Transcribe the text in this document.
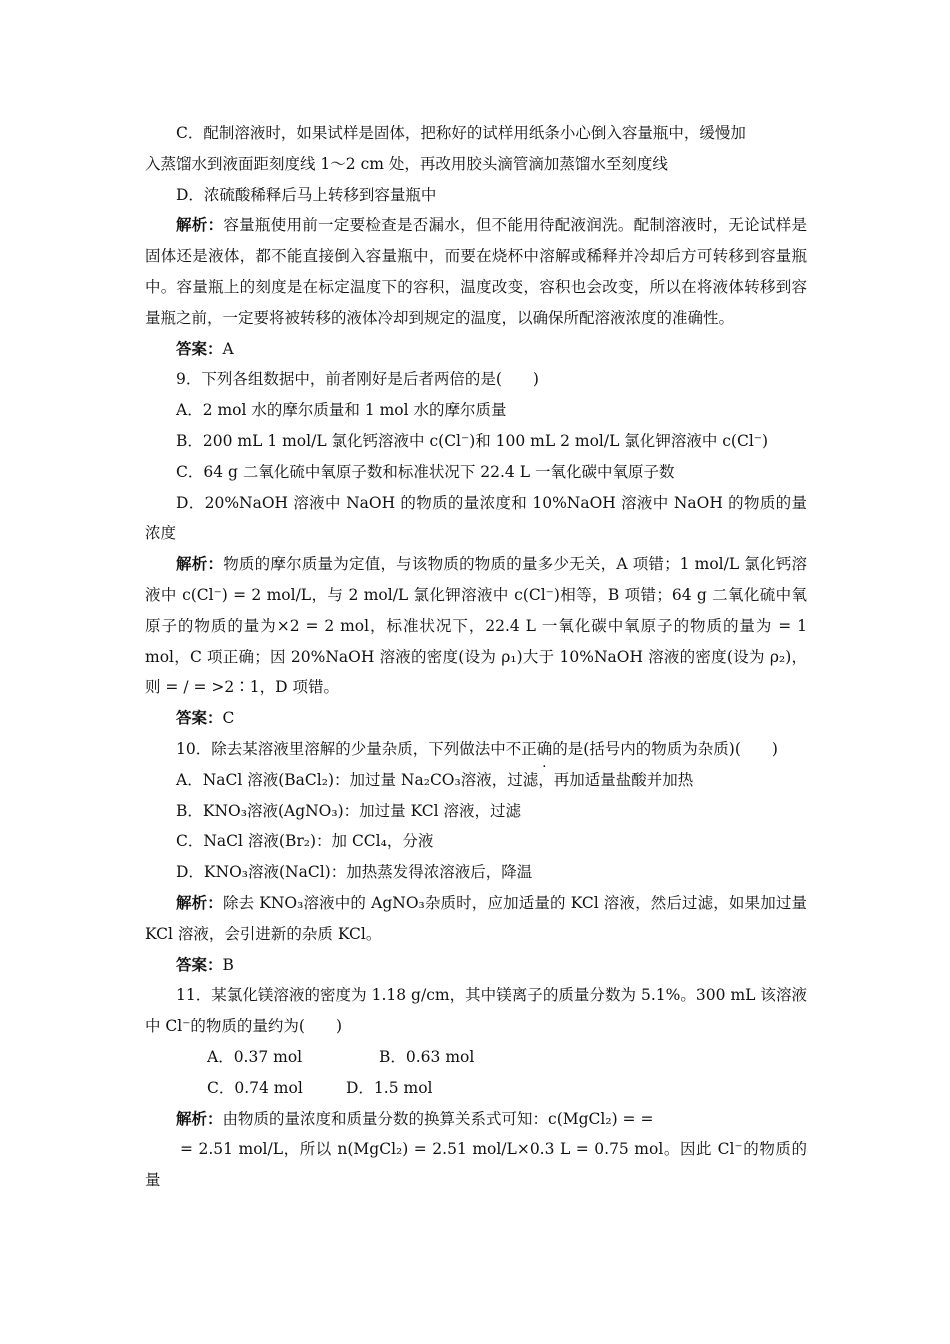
C．配制溶液时，如果试样是固体，把称好的试样用纸条小心倒入容量瓶中，缓慢加

入蒸馏水到液面距刻度线 1～2 cm 处，再改用胶头滴管滴加蒸馏水至刻度线

D．浓硫酸稀释后马上转移到容量瓶中

解析：容量瓶使用前一定要检查是否漏水，但不能用待配液润洗。配制溶液时，无论试样是固体还是液体，都不能直接倒入容量瓶中，而要在烧杯中溶解或稀释并冷却后方可转移到容量瓶中。容量瓶上的刻度是在标定温度下的容积，温度改变，容积也会改变，所以在将液体转移到容量瓶之前，一定要将被转移的液体冷却到规定的温度，以确保所配溶液浓度的准确性。

答案：A

9．下列各组数据中，前者刚好是后者两倍的是(　　)

A．2 mol 水的摩尔质量和 1 mol 水的摩尔质量

B．200 mL 1 mol/L 氯化钙溶液中 c(Cl⁻)和 100 mL 2 mol/L 氯化钾溶液中 c(Cl⁻)

C．64 g 二氧化硫中氧原子数和标准状况下 22.4 L 一氧化碳中氧原子数

D．20%NaOH 溶液中 NaOH 的物质的量浓度和 10%NaOH 溶液中 NaOH 的物质的量浓度

解析：物质的摩尔质量为定值，与该物质的物质的量多少无关，A 项错；1 mol/L 氯化钙溶液中 c(Cl⁻) = 2 mol/L，与 2 mol/L 氯化钾溶液中 c(Cl⁻)相等，B 项错；64 g 二氧化硫中氧原子的物质的量为×2 = 2 mol，标准状况下，22.4 L 一氧化碳中氧原子的物质的量为 = 1 mol，C 项正确；因 20%NaOH 溶液的密度(设为 ρ₁)大于 10%NaOH 溶液的密度(设为 ρ₂)，则 = / = >2∶1，D 项错。

答案：C

10．除去某溶液里溶解的少量杂质，下列做法中不 ·正确的是(括号内的物质为杂质)(　　)

A．NaCl 溶液(BaCl₂)：加过量 Na₂CO₃溶液，过滤，再加适量盐酸并加热

B．KNO₃溶液(AgNO₃)：加过量 KCl 溶液，过滤

C．NaCl 溶液(Br₂)：加 CCl₄，分液

D．KNO₃溶液(NaCl)：加热蒸发得浓溶液后，降温

解析：除去 KNO₃溶液中的 AgNO₃杂质时，应加适量的 KCl 溶液，然后过滤，如果加过量 KCl 溶液，会引进新的杂质 KCl。

答案：B

11．某氯化镁溶液的密度为 1.18 g/cm，其中镁离子的质量分数为 5.1%。300 mL 该溶液中 Cl⁻的物质的量约为(　　)

A．0.37 mol	B．0.63 mol

C．0.74 mol	D．1.5 mol

解析：由物质的量浓度和质量分数的换算关系式可知：c(MgCl₂) = =

= 2.51 mol/L，所以 n(MgCl₂) = 2.51 mol/L×0.3 L = 0.75 mol。因此 Cl⁻的物质的量
